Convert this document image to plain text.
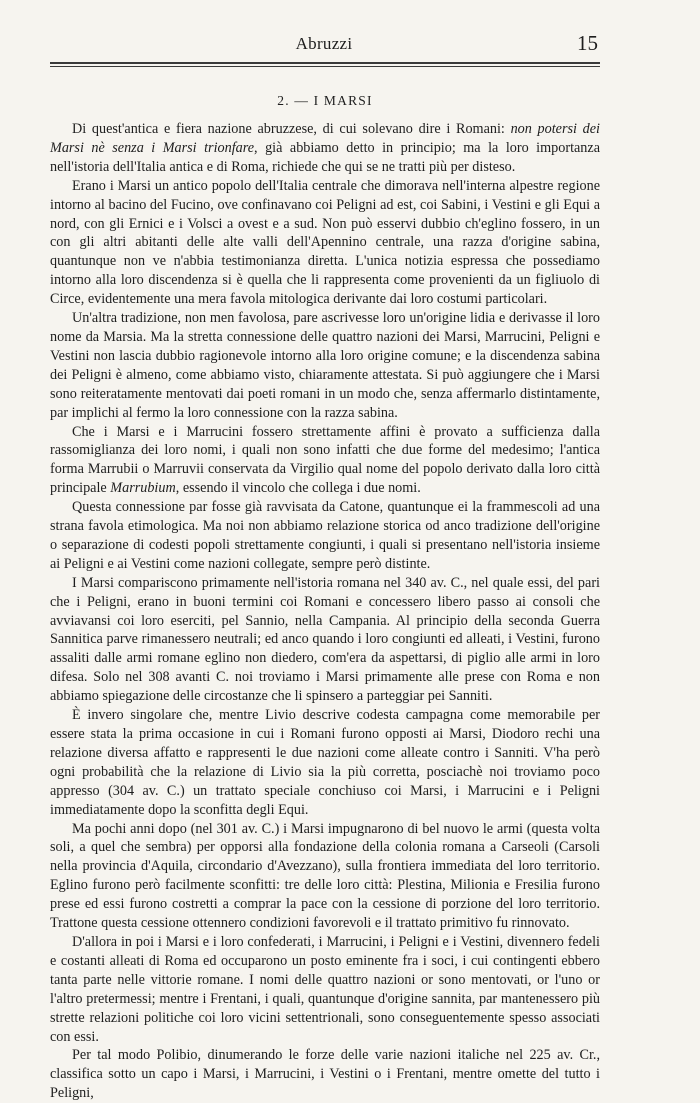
Abruzzi	15
2. — I MARSI

Di quest'antica e fiera nazione abruzzese, di cui solevano dire i Romani: non potersi dei Marsi nè senza i Marsi trionfare, già abbiamo detto in principio; ma la loro importanza nell'istoria dell'Italia antica e di Roma, richiede che qui se ne tratti più per disteso.

Erano i Marsi un antico popolo dell'Italia centrale che dimorava nell'interna alpestre regione intorno al bacino del Fucino, ove confinavano coi Peligni ad est, coi Sabini, i Vestini e gli Equi a nord, con gli Ernici e i Volsci a ovest e a sud. Non può esservi dubbio ch'eglino fossero, in un con gli altri abitanti delle alte valli dell'Apennino centrale, una razza d'origine sabina, quantunque non ve n'abbia testimonianza diretta. L'unica notizia espressa che possediamo intorno alla loro discendenza si è quella che li rappresenta come provenienti da un figliuolo di Circe, evidentemente una mera favola mitologica derivante dai loro costumi particolari.

Un'altra tradizione, non men favolosa, pare ascrivesse loro un'origine lidia e derivasse il loro nome da Marsia. Ma la stretta connessione delle quattro nazioni dei Marsi, Marrucini, Peligni e Vestini non lascia dubbio ragionevole intorno alla loro origine comune; e la discendenza sabina dei Peligni è almeno, come abbiamo visto, chiaramente attestata. Si può aggiungere che i Marsi sono reiteratamente mentovati dai poeti romani in un modo che, senza affermarlo distintamente, par implichi al fermo la loro connessione con la razza sabina.

Che i Marsi e i Marrucini fossero strettamente affini è provato a sufficienza dalla rassomiglianza dei loro nomi, i quali non sono infatti che due forme del medesimo; l'antica forma Marrubii o Marruvii conservata da Virgilio qual nome del popolo derivato dalla loro città principale Marrubium, essendo il vincolo che collega i due nomi.

Questa connessione par fosse già ravvisata da Catone, quantunque ei la frammescoli ad una strana favola etimologica. Ma noi non abbiamo relazione storica od anco tradizione dell'origine o separazione di codesti popoli strettamente congiunti, i quali si presentano nell'istoria insieme ai Peligni e ai Vestini come nazioni collegate, sempre però distinte.

I Marsi compariscono primamente nell'istoria romana nel 340 av. C., nel quale essi, del pari che i Peligni, erano in buoni termini coi Romani e concessero libero passo ai consoli che avviavansi coi loro eserciti, pel Sannio, nella Campania. Al principio della seconda Guerra Sannitica parve rimanessero neutrali; ed anco quando i loro congiunti ed alleati, i Vestini, furono assaliti dalle armi romane eglino non diedero, com'era da aspettarsi, di piglio alle armi in loro difesa. Solo nel 308 avanti C. noi troviamo i Marsi primamente alle prese con Roma e non abbiamo spiegazione delle circostanze che li spinsero a parteggiar pei Sanniti.

È invero singolare che, mentre Livio descrive codesta campagna come memorabile per essere stata la prima occasione in cui i Romani furono opposti ai Marsi, Diodoro rechi una relazione diversa affatto e rappresenti le due nazioni come alleate contro i Sanniti. V'ha però ogni probabilità che la relazione di Livio sia la più corretta, posciachè noi troviamo poco appresso (304 av. C.) un trattato speciale conchiuso coi Marsi, i Marrucini e i Peligni immediatamente dopo la sconfitta degli Equi.

Ma pochi anni dopo (nel 301 av. C.) i Marsi impugnarono di bel nuovo le armi (questa volta soli, a quel che sembra) per opporsi alla fondazione della colonia romana a Carseoli (Carsoli nella provincia d'Aquila, circondario d'Avezzano), sulla frontiera immediata del loro territorio. Eglino furono però facilmente sconfitti: tre delle loro città: Plestina, Milionia e Fresilia furono prese ed essi furono costretti a comprar la pace con la cessione di porzione del loro territorio. Trattone questa cessione ottennero condizioni favorevoli e il trattato primitivo fu rinnovato.

D'allora in poi i Marsi e i loro confederati, i Marrucini, i Peligni e i Vestini, divennero fedeli e costanti alleati di Roma ed occuparono un posto eminente fra i soci, i cui contingenti ebbero tanta parte nelle vittorie romane. I nomi delle quattro nazioni or sono mentovati, or l'uno or l'altro pretermessi; mentre i Frentani, i quali, quantunque d'origine sannita, par mantenessero più strette relazioni politiche coi loro vicini settentrionali, sono conseguentemente spesso associati con essi.

Per tal modo Polibio, dinumerando le forze delle varie nazioni italiche nel 225 av. Cr., classifica sotto un capo i Marsi, i Marrucini, i Vestini o i Frentani, mentre omette del tutto i Peligni,
